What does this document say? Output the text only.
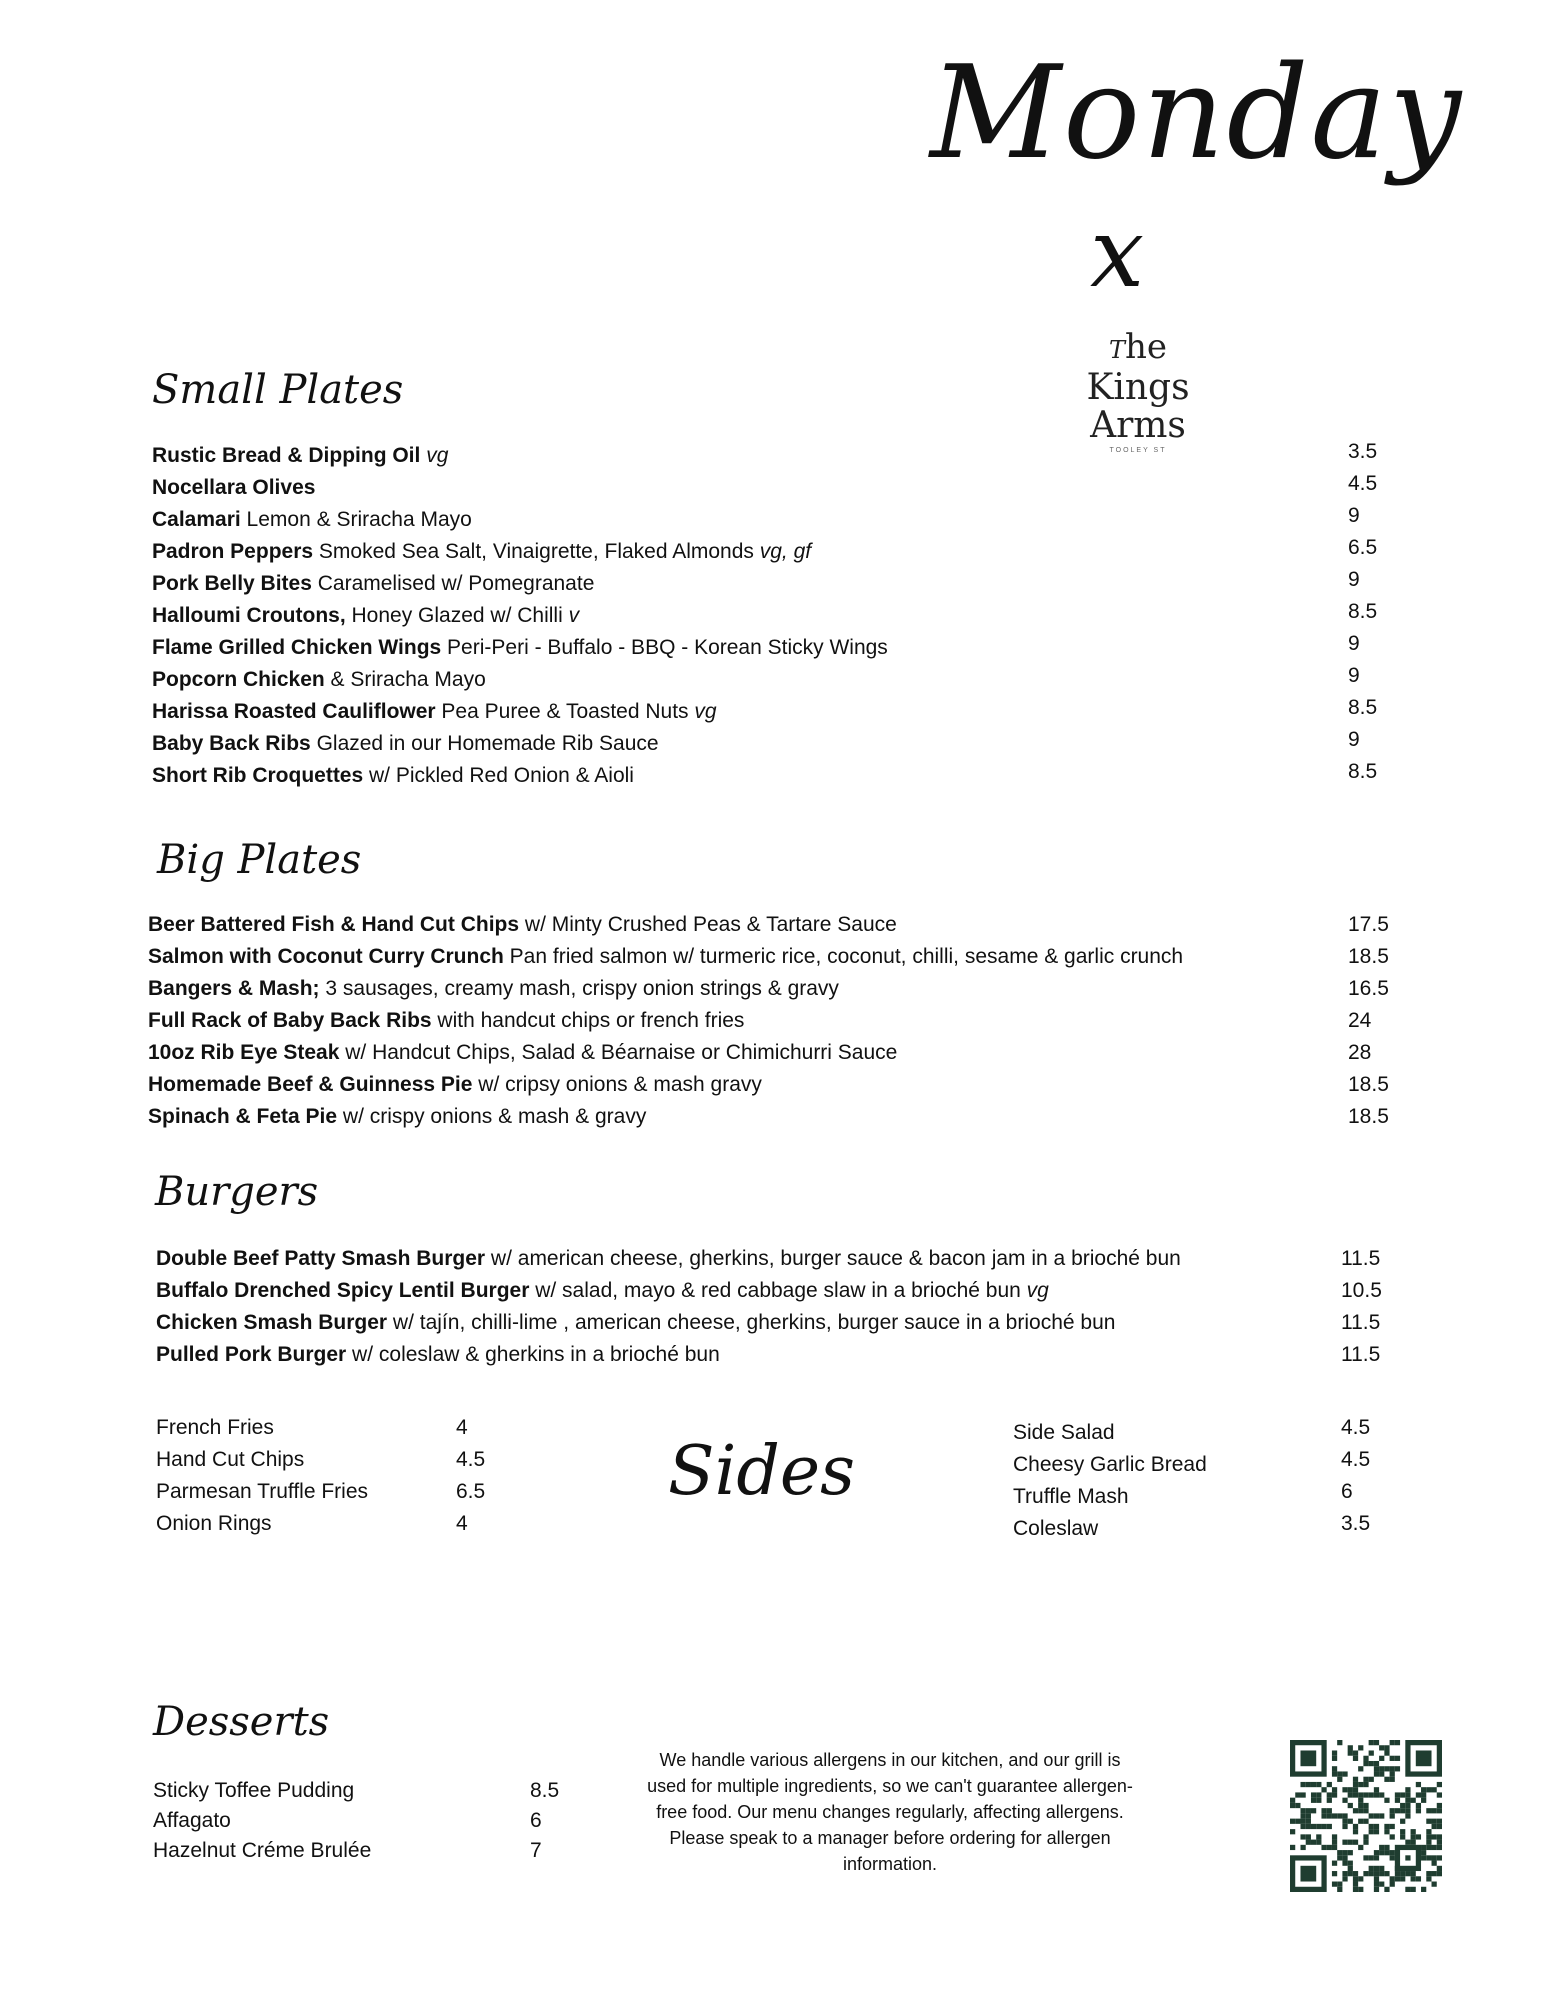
Monday
x
The
Kings
Arms
TOOLEY ST
Small Plates
Rustic Bread & Dipping Oil vg	3.5
Nocellara Olives	4.5
Calamari Lemon & Sriracha Mayo	9
Padron Peppers Smoked Sea Salt, Vinaigrette, Flaked Almonds vg, gf	6.5
Pork Belly Bites Caramelised w/ Pomegranate	9
Halloumi Croutons, Honey Glazed w/ Chilli v	8.5
Flame Grilled Chicken Wings Peri-Peri - Buffalo - BBQ - Korean Sticky Wings	9
Popcorn Chicken & Sriracha Mayo	9
Harissa Roasted Cauliflower Pea Puree & Toasted Nuts vg	8.5
Baby Back Ribs Glazed in our Homemade Rib Sauce	9
Short Rib Croquettes w/ Pickled Red Onion & Aioli	8.5
Big Plates
Beer Battered Fish & Hand Cut Chips w/ Minty Crushed Peas & Tartare Sauce	17.5
Salmon with Coconut Curry Crunch Pan fried salmon w/ turmeric rice, coconut, chilli, sesame & garlic crunch	18.5
Bangers & Mash; 3 sausages, creamy mash, crispy onion strings & gravy	16.5
Full Rack of Baby Back Ribs with handcut chips or french fries	24
10oz Rib Eye Steak w/ Handcut Chips, Salad & Béarnaise or Chimichurri Sauce	28
Homemade Beef & Guinness Pie w/ cripsy onions & mash gravy	18.5
Spinach & Feta Pie w/ crispy onions & mash & gravy	18.5
Burgers
Double Beef Patty Smash Burger w/ american cheese, gherkins, burger sauce & bacon jam in a brioché bun	11.5
Buffalo Drenched Spicy Lentil Burger w/ salad, mayo & red cabbage slaw in a brioché bun vg	10.5
Chicken Smash Burger w/ tajín, chilli-lime , american cheese, gherkins, burger sauce in a brioché bun	11.5
Pulled Pork Burger w/ coleslaw & gherkins in a brioché bun	11.5
Sides
French Fries	4
Hand Cut Chips	4.5
Parmesan Truffle Fries	6.5
Onion Rings	4
Side Salad	4.5
Cheesy Garlic Bread	4.5
Truffle Mash	6
Coleslaw	3.5
Desserts
Sticky Toffee Pudding	8.5
Affagato	6
Hazelnut Créme Brulée	7
We handle various allergens in our kitchen, and our grill is used for multiple ingredients, so we can't guarantee allergen-free food. Our menu changes regularly, affecting allergens. Please speak to a manager before ordering for allergen information.
